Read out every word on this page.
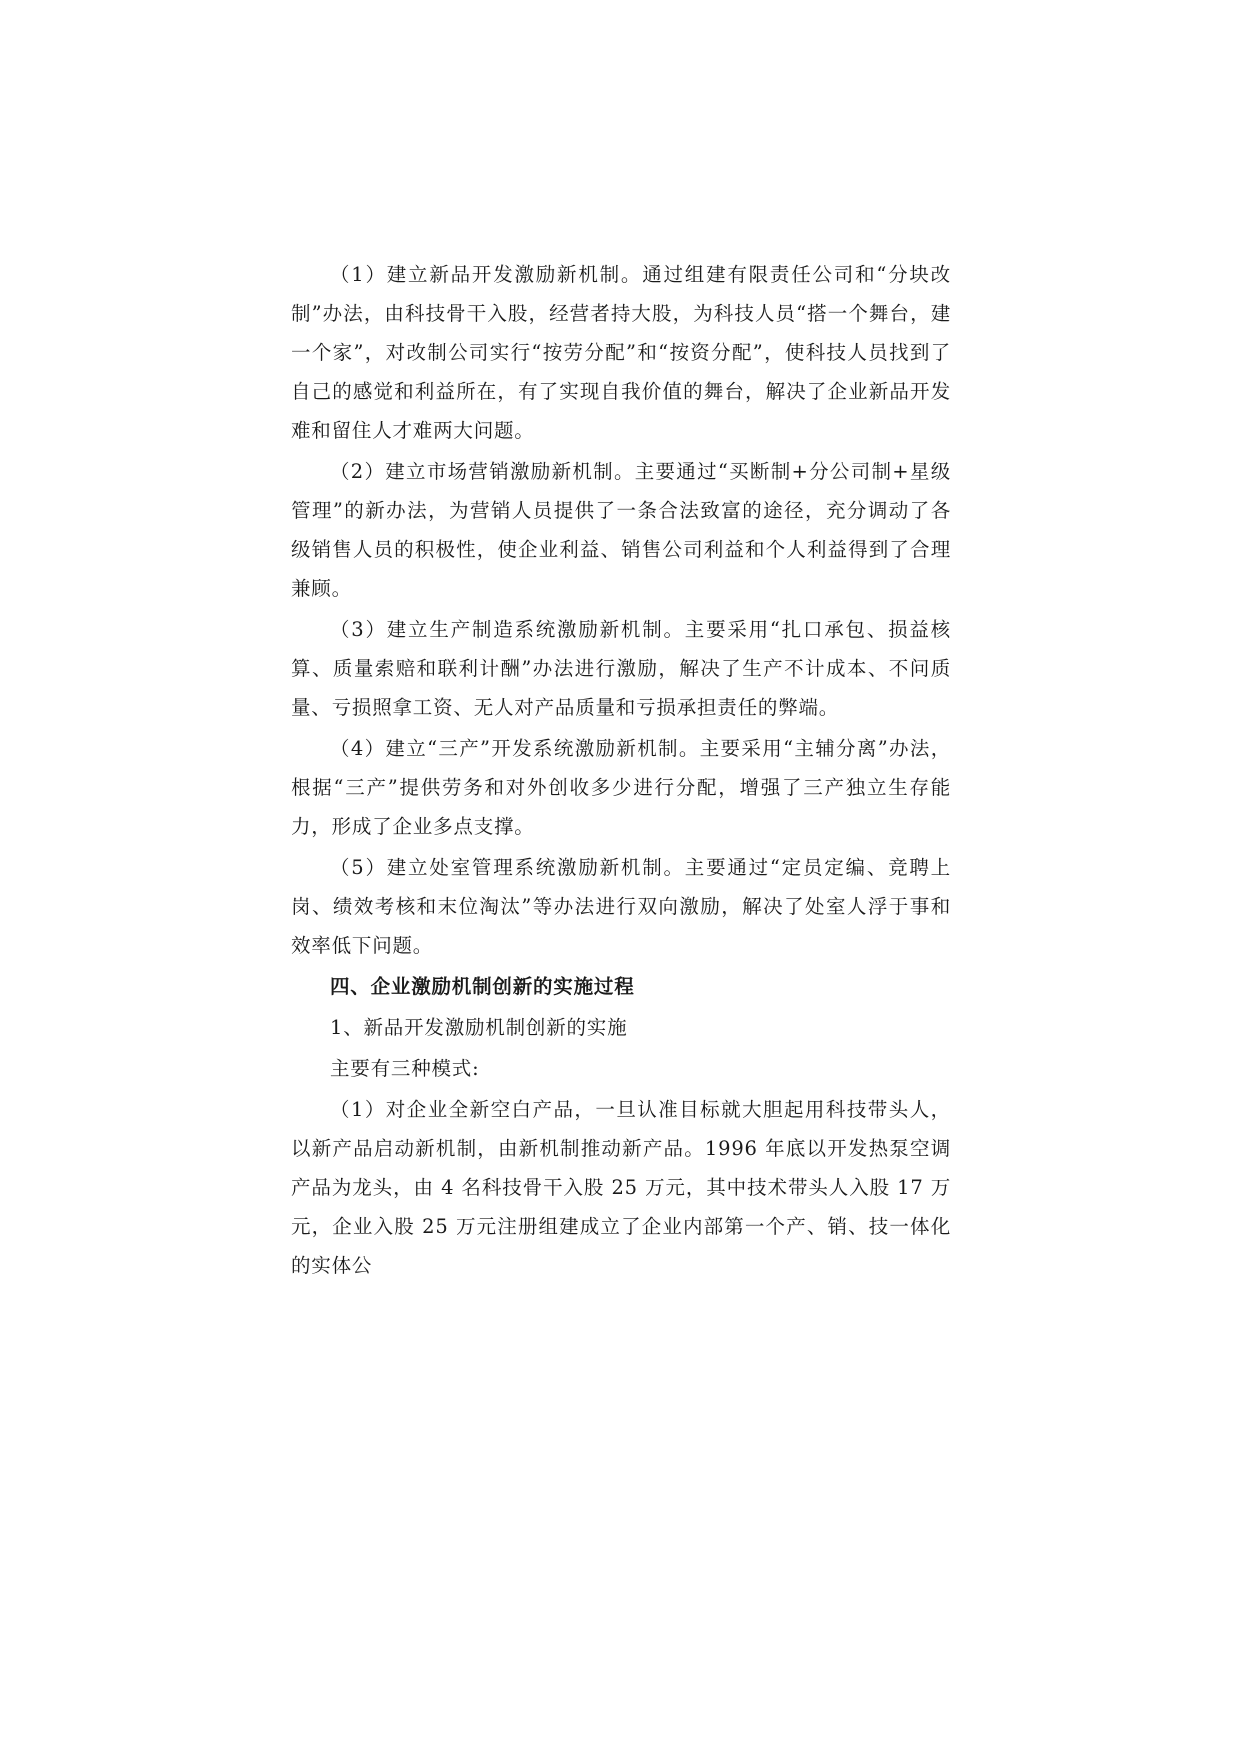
（1）建立新品开发激励新机制。通过组建有限责任公司和“分块改制”办法，由科技骨干入股，经营者持大股，为科技人员“搭一个舞台，建一个家”，对改制公司实行“按劳分配”和“按资分配”，使科技人员找到了自己的感觉和利益所在，有了实现自我价值的舞台，解决了企业新品开发难和留住人才难两大问题。

（2）建立市场营销激励新机制。主要通过“买断制+分公司制+星级管理”的新办法，为营销人员提供了一条合法致富的途径，充分调动了各级销售人员的积极性，使企业利益、销售公司利益和个人利益得到了合理兼顾。

（3）建立生产制造系统激励新机制。主要采用“扎口承包、损益核算、质量索赔和联利计酬”办法进行激励，解决了生产不计成本、不问质量、亏损照拿工资、无人对产品质量和亏损承担责任的弊端。

（4）建立“三产”开发系统激励新机制。主要采用“主辅分离”办法，根据“三产”提供劳务和对外创收多少进行分配，增强了三产独立生存能力，形成了企业多点支撑。

（5）建立处室管理系统激励新机制。主要通过“定员定编、竞聘上岗、绩效考核和末位淘汰”等办法进行双向激励，解决了处室人浮于事和效率低下问题。

四、企业激励机制创新的实施过程

1、新品开发激励机制创新的实施

主要有三种模式:

（1）对企业全新空白产品，一旦认准目标就大胆起用科技带头人，以新产品启动新机制，由新机制推动新产品。1996 年底以开发热泵空调产品为龙头，由 4 名科技骨干入股 25 万元，其中技术带头人入股 17 万元，企业入股 25 万元注册组建成立了企业内部第一个产、销、技一体化的实体公
